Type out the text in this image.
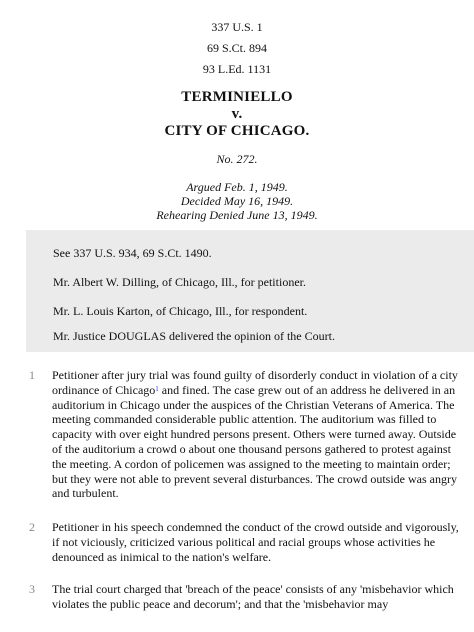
337 U.S. 1
69 S.Ct. 894
93 L.Ed. 1131
TERMINIELLO
v.
CITY OF CHICAGO.
No. 272.
Argued Feb. 1, 1949.
Decided May 16, 1949.
Rehearing Denied June 13, 1949.

See 337 U.S. 934, 69 S.Ct. 1490.

Mr. Albert W. Dilling, of Chicago, Ill., for petitioner.

Mr. L. Louis Karton, of Chicago, Ill., for respondent.

Mr. Justice DOUGLAS delivered the opinion of the Court.

1 Petitioner after jury trial was found guilty of disorderly conduct in violation of a city ordinance of Chicago$^1$ and fined. The case grew out of an address he delivered in an auditorium in Chicago under the auspices of the Christian Veterans of America. The meeting commanded considerable public attention. The auditorium was filled to capacity with over eight hundred persons present. Others were turned away. Outside of the auditorium a crowd o about one thousand persons gathered to protest against the meeting. A cordon of policemen was assigned to the meeting to maintain order; but they were not able to prevent several disturbances. The crowd outside was angry and turbulent.

2 Petitioner in his speech condemned the conduct of the crowd outside and vigorously, if not viciously, criticized various political and racial groups whose activities he denounced as inimical to the nation's welfare.

3 The trial court charged that 'breach of the peace' consists of any 'misbehavior which violates the public peace and decorum'; and that the 'misbehavior may
